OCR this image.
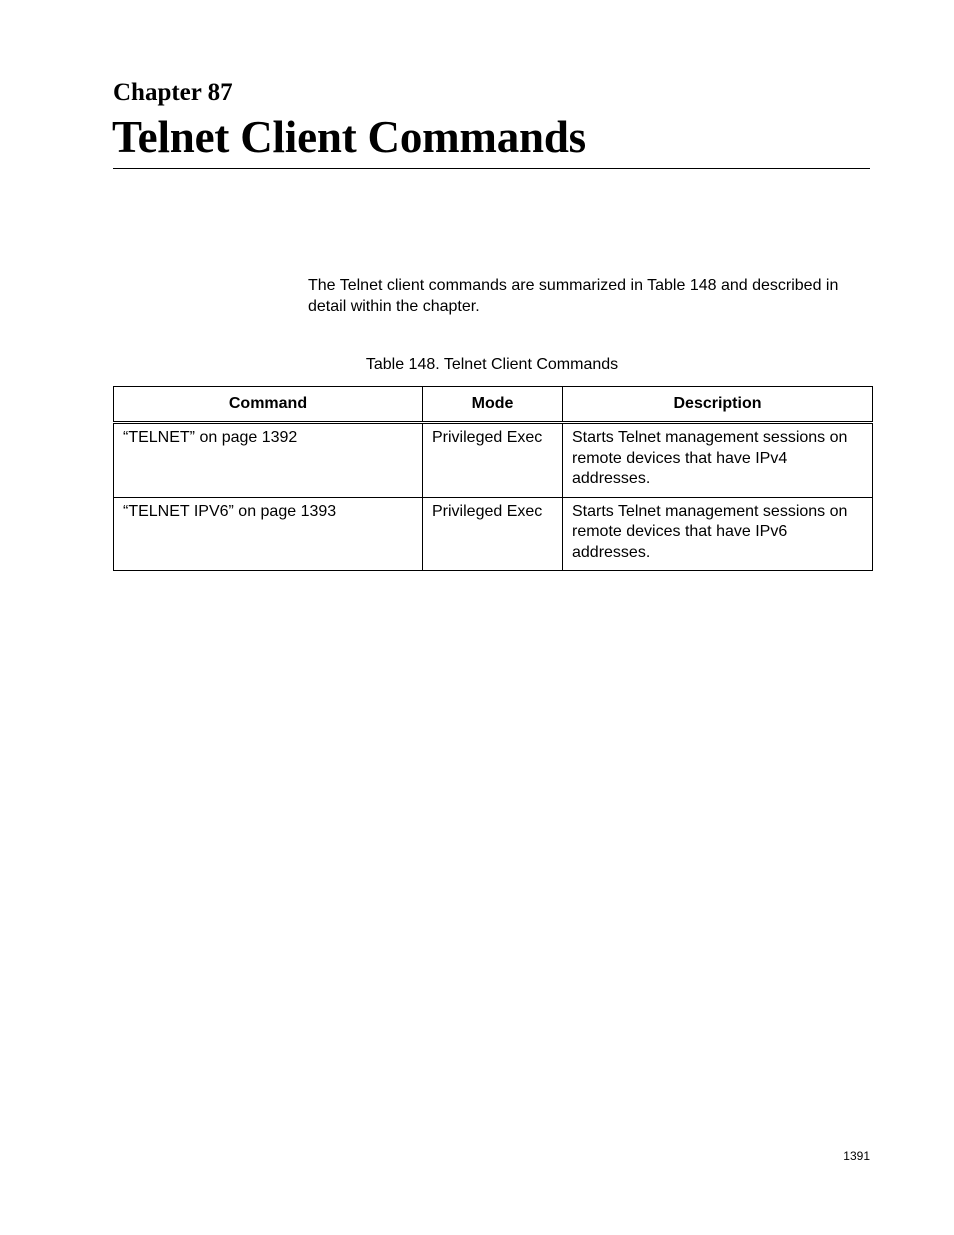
Chapter 87
Telnet Client Commands

The Telnet client commands are summarized in Table 148 and described in detail within the chapter.

Table 148. Telnet Client Commands

Command	Mode	Description
“TELNET” on page 1392	Privileged Exec	Starts Telnet management sessions on remote devices that have IPv4 addresses.
“TELNET IPV6” on page 1393	Privileged Exec	Starts Telnet management sessions on remote devices that have IPv6 addresses.

1391
